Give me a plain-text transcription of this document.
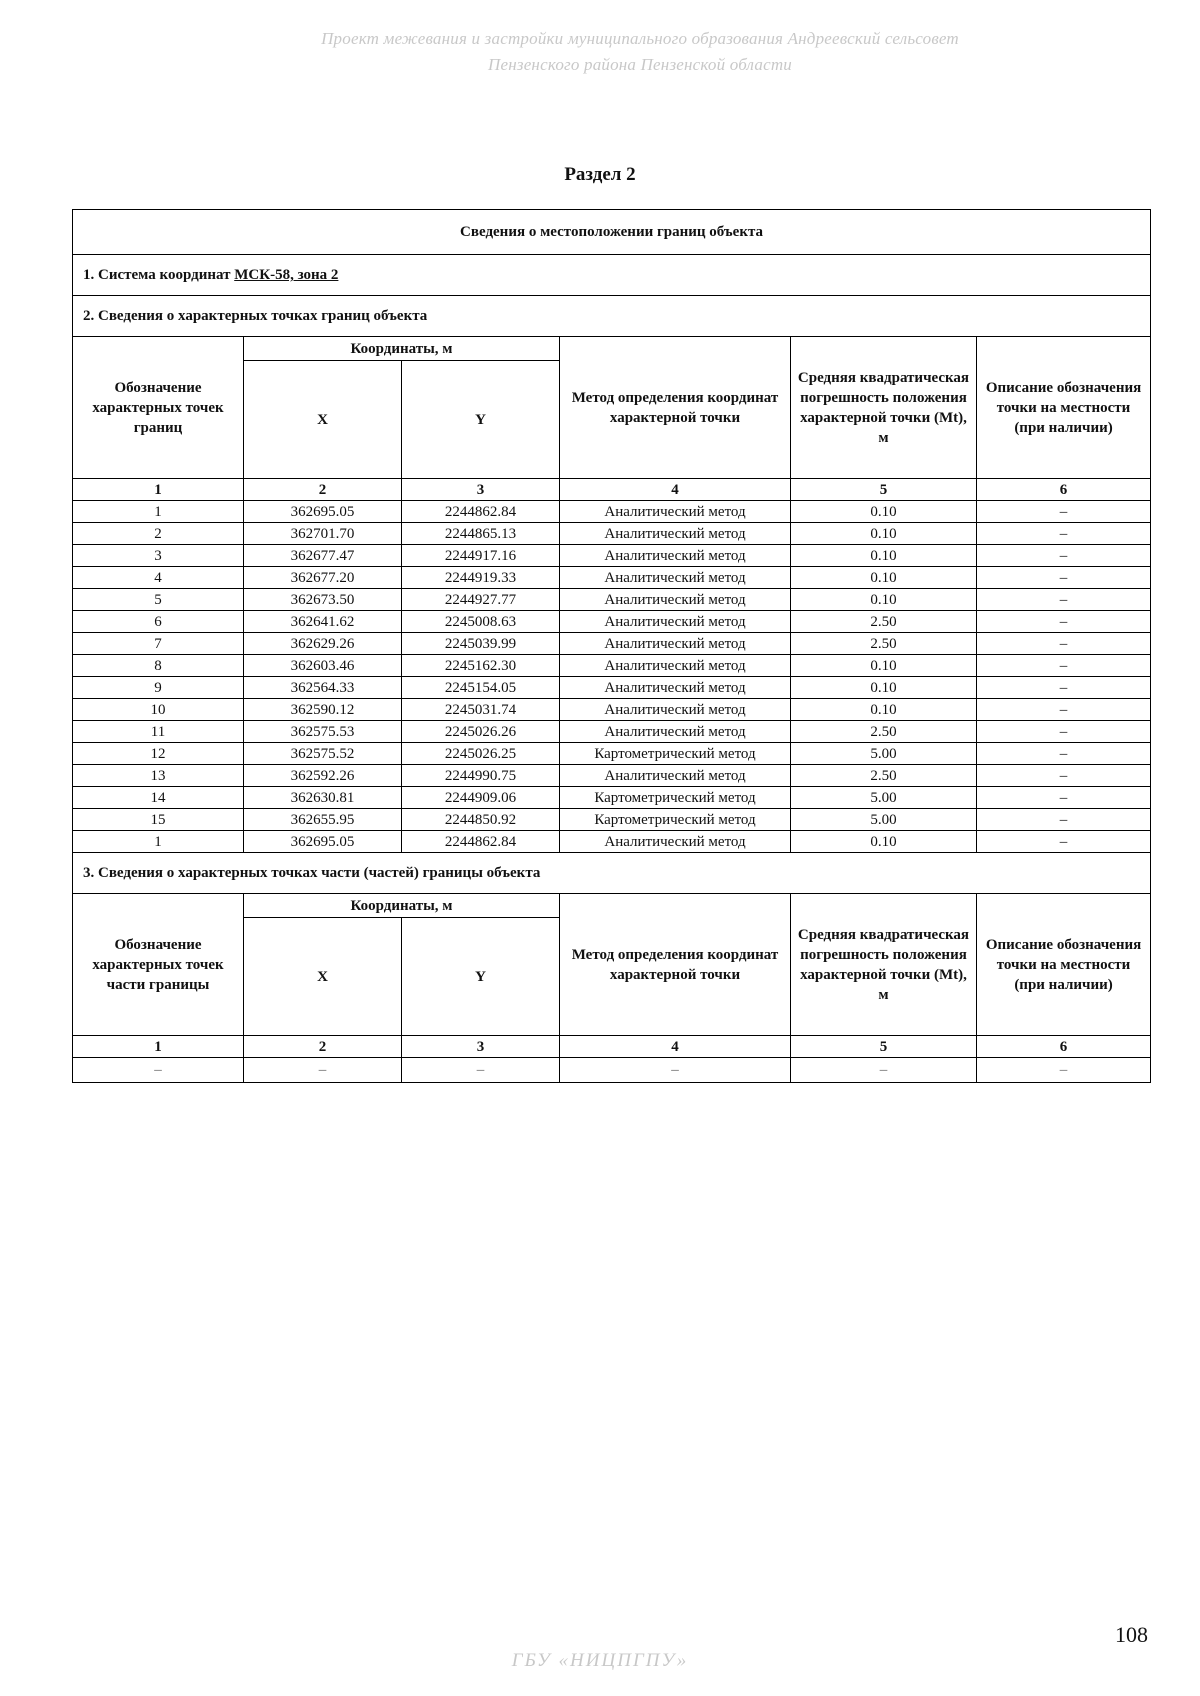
Проект межевания и застройки муниципального образования Андреевский сельсовет
Пензенского района Пензенской области
Раздел 2
Сведения о местоположении границ объекта					
1. Система координат МСК-58, зона 2					
2. Сведения о характерных точках границ объекта					
Обозначение характерных точек границ	Координаты, м		Метод определения координат характерной точки	Средняя квадратическая погрешность положения характерной точки (Mt), м	Описание обозначения точки на местности (при наличии)
	X	Y			
1	2	3	4	5	6
1	362695.05	2244862.84	Аналитический метод	0.10	–
2	362701.70	2244865.13	Аналитический метод	0.10	–
3	362677.47	2244917.16	Аналитический метод	0.10	–
4	362677.20	2244919.33	Аналитический метод	0.10	–
5	362673.50	2244927.77	Аналитический метод	0.10	–
6	362641.62	2245008.63	Аналитический метод	2.50	–
7	362629.26	2245039.99	Аналитический метод	2.50	–
8	362603.46	2245162.30	Аналитический метод	0.10	–
9	362564.33	2245154.05	Аналитический метод	0.10	–
10	362590.12	2245031.74	Аналитический метод	0.10	–
11	362575.53	2245026.26	Аналитический метод	2.50	–
12	362575.52	2245026.25	Картометрический метод	5.00	–
13	362592.26	2244990.75	Аналитический метод	2.50	–
14	362630.81	2244909.06	Картометрический метод	5.00	–
15	362655.95	2244850.92	Картометрический метод	5.00	–
1	362695.05	2244862.84	Аналитический метод	0.10	–
3. Сведения о характерных точках части (частей) границы объекта					
Обозначение характерных точек части границы	Координаты, м		Метод определения координат характерной точки	Средняя квадратическая погрешность положения характерной точки (Mt), м	Описание обозначения точки на местности (при наличии)
	X	Y			
1	2	3	4	5	6
–	–	–	–	–	–
108
ГБУ «НИЦПГПУ»
